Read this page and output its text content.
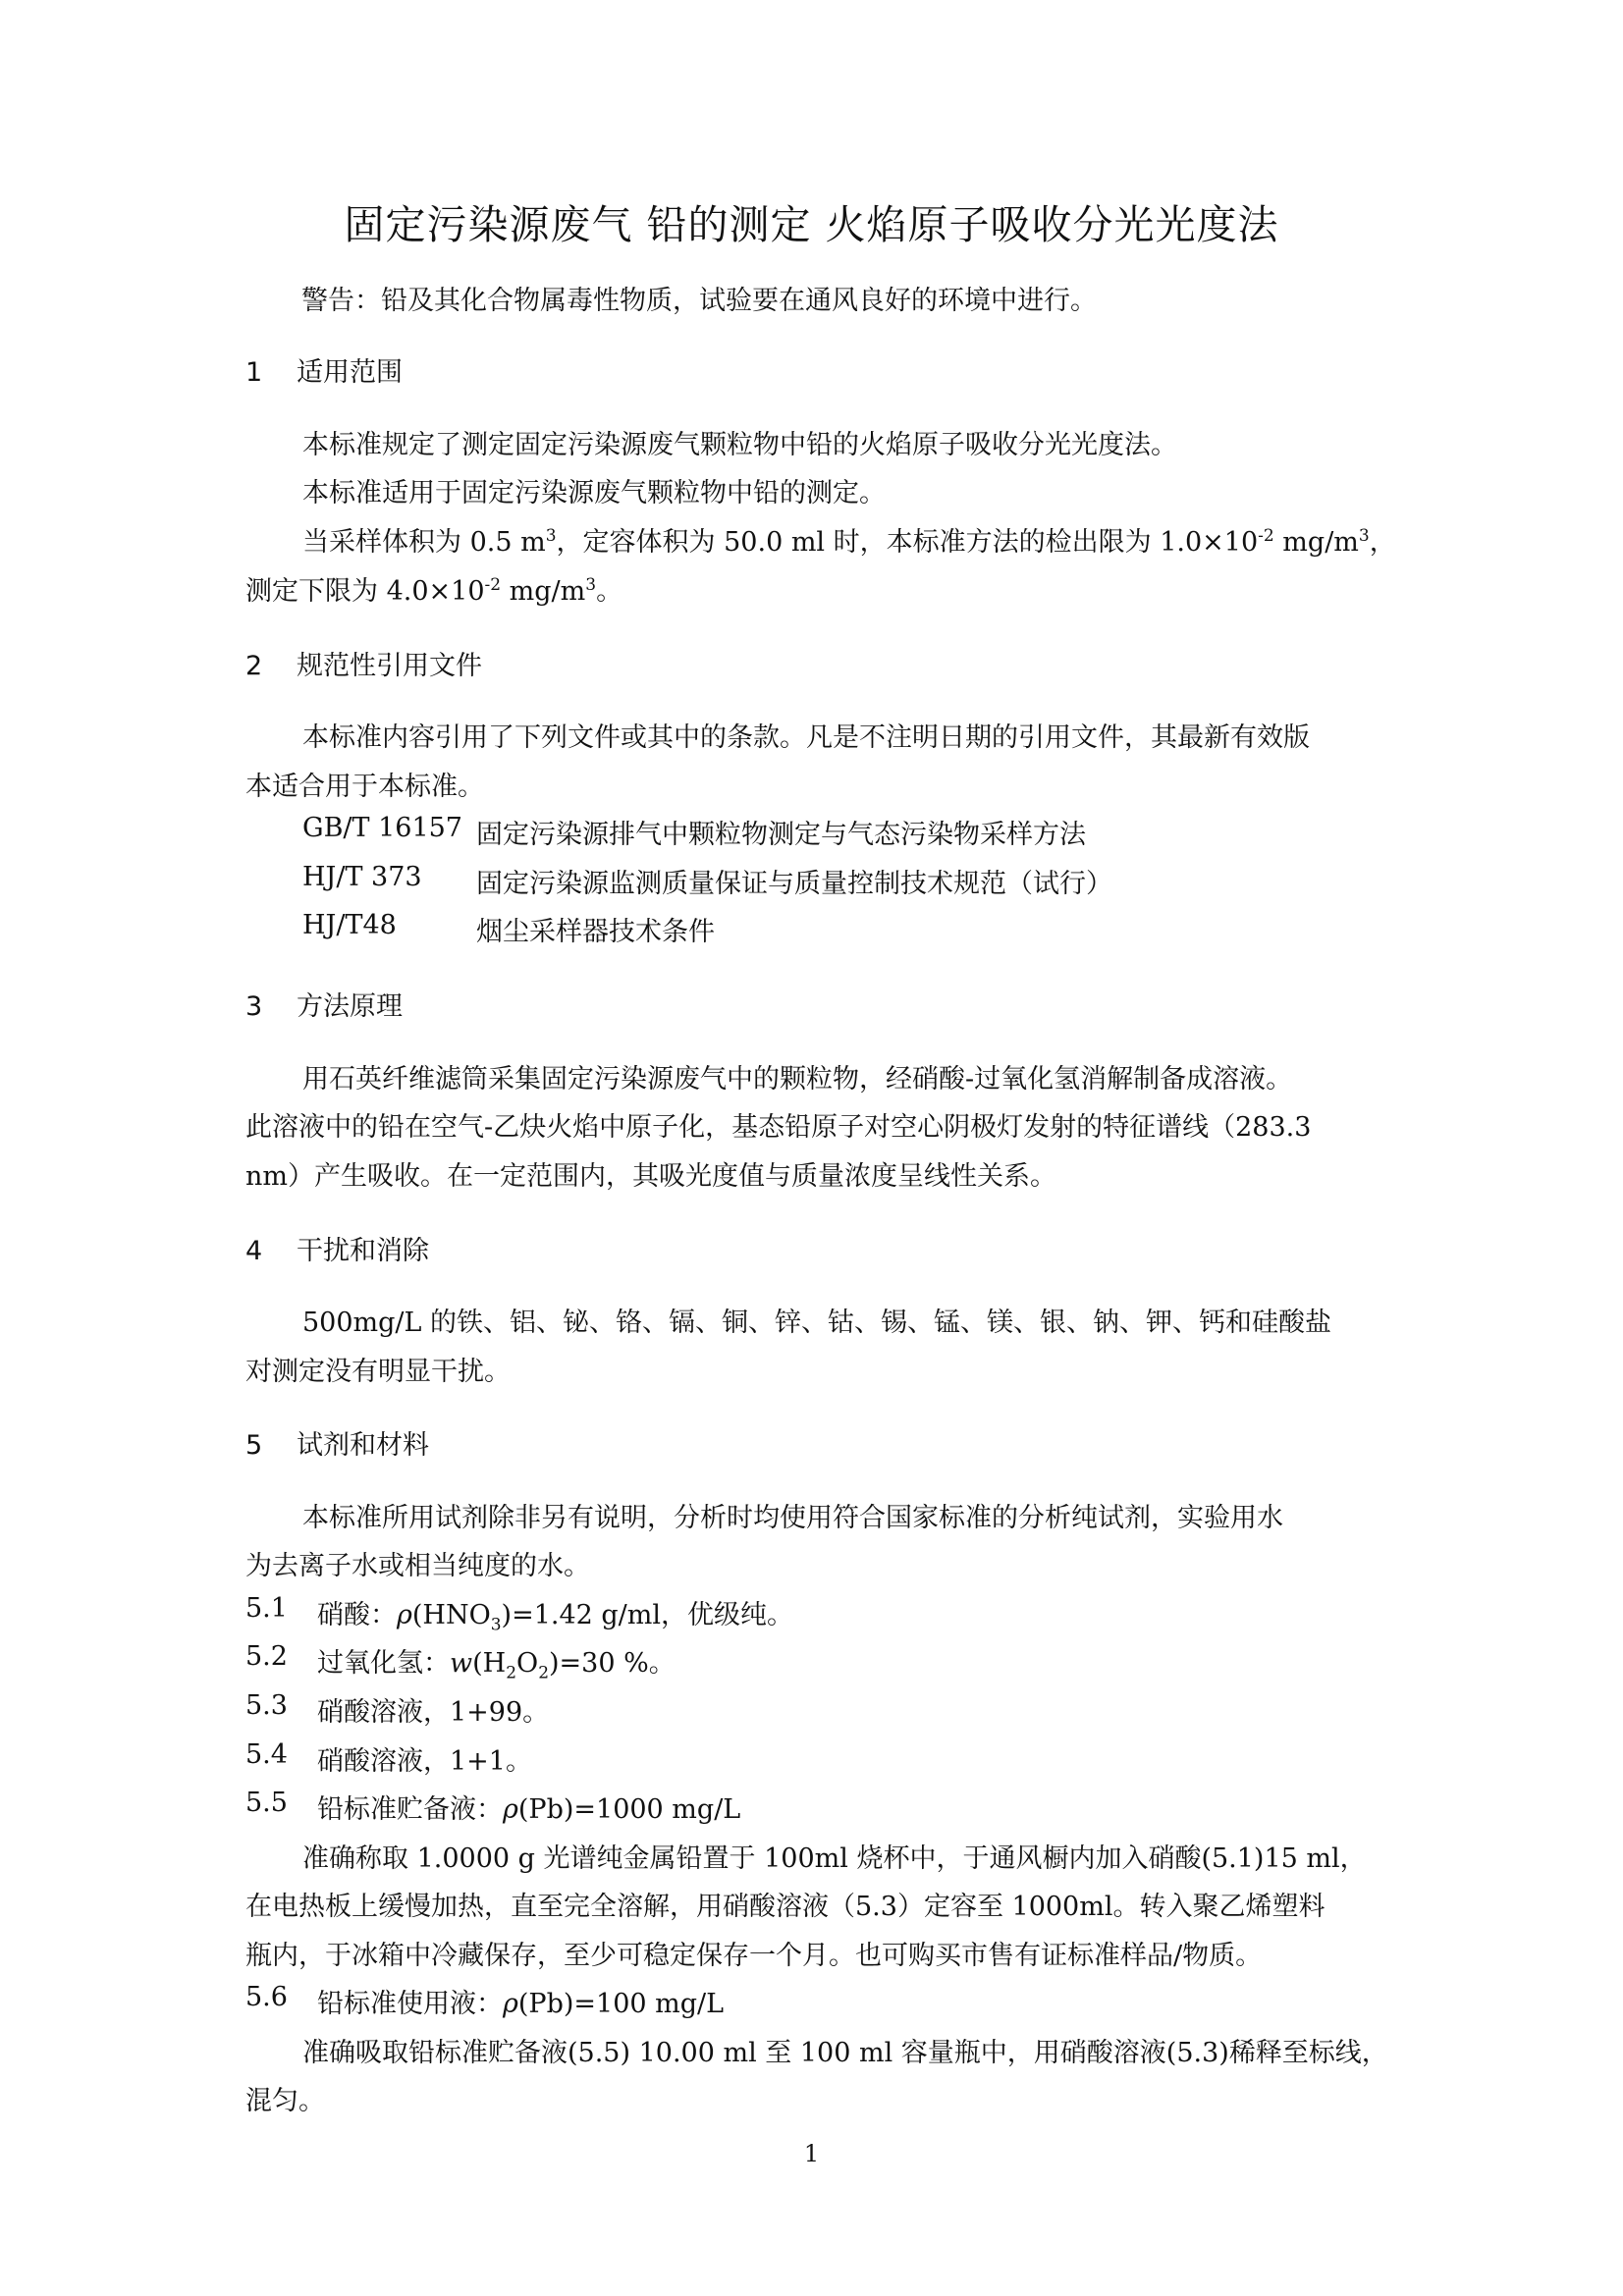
固定污染源废气 铅的测定 火焰原子吸收分光光度法
警告：铅及其化合物属毒性物质，试验要在通风良好的环境中进行。
1 适用范围
本标准规定了测定固定污染源废气颗粒物中铅的火焰原子吸收分光光度法。
本标准适用于固定污染源废气颗粒物中铅的测定。
当采样体积为 0.5 $m^3$，定容体积为 50.0 ml 时，本标准方法的检出限为 $1.0\times 10^{-2}$ $mg/m^3$，
测定下限为 $4.0\times 10^{-2}$ $mg/m^3$。
2 规范性引用文件
本标准内容引用了下列文件或其中的条款。凡是不注明日期的引用文件，其最新有效版
本适合用于本标准。
GB/T 16157 固定污染源排气中颗粒物测定与气态污染物采样方法
HJ/T 373 固定污染源监测质量保证与质量控制技术规范（试行）
HJ/T48	烟尘采样器技术条件
3 方法原理
用石英纤维滤筒采集固定污染源废气中的颗粒物，经硝酸-过氧化氢消解制备成溶液。
此溶液中的铅在空气-乙炔火焰中原子化，基态铅原子对空心阴极灯发射的特征谱线（283.3
nm）产生吸收。在一定范围内，其吸光度值与质量浓度呈线性关系。
4 干扰和消除
500mg/L 的铁、铝、铋、铬、镉、铜、锌、钴、锡、锰、镁、银、钠、钾、钙和硅酸盐
对测定没有明显干扰。
5 试剂和材料
本标准所用试剂除非另有说明，分析时均使用符合国家标准的分析纯试剂，实验用水
为去离子水或相当纯度的水。
5.1 硝酸：$\rho(HNO_3)=1.42$ g/ml，优级纯。
5.2 过氧化氢：$w(H_2O_2)=30$ %。
5.3 硝酸溶液，1+99。
5.4 硝酸溶液，1+1。
5.5 铅标准贮备液：ρ(Pb)=1000 mg/L
准确称取 1.0000 g 光谱纯金属铅置于 100ml 烧杯中，于通风橱内加入硝酸(5.1)15 ml，
在电热板上缓慢加热，直至完全溶解，用硝酸溶液（5.3）定容至 1000ml。转入聚乙烯塑料
瓶内，于冰箱中冷藏保存，至少可稳定保存一个月。也可购买市售有证标准样品/物质。
5.6 铅标准使用液：ρ(Pb)=100 mg/L
准确吸取铅标准贮备液(5.5) 10.00 ml 至 100 ml 容量瓶中，用硝酸溶液(5.3)稀释至标线，
混匀。
1
